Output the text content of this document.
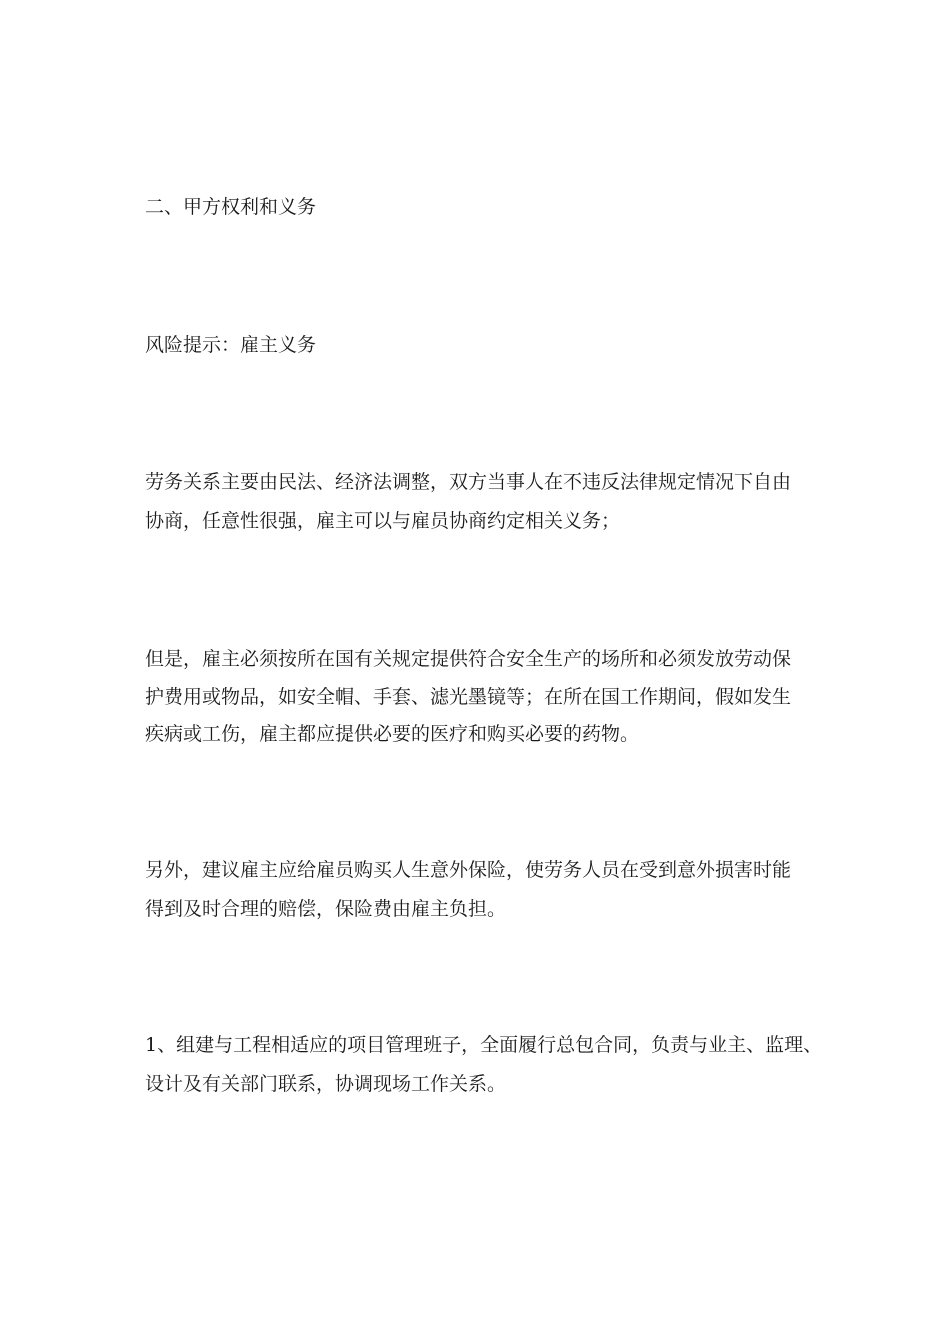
二、甲方权利和义务

风险提示：雇主义务

劳务关系主要由民法、经济法调整，双方当事人在不违反法律规定情况下自由

协商，任意性很强，雇主可以与雇员协商约定相关义务；

但是，雇主必须按所在国有关规定提供符合安全生产的场所和必须发放劳动保

护费用或物品，如安全帽、手套、滤光墨镜等；在所在国工作期间，假如发生

疾病或工伤，雇主都应提供必要的医疗和购买必要的药物。

另外，建议雇主应给雇员购买人生意外保险，使劳务人员在受到意外损害时能

得到及时合理的赔偿，保险费由雇主负担。

1、组建与工程相适应的项目管理班子，全面履行总包合同，负责与业主、监理、

设计及有关部门联系，协调现场工作关系。
